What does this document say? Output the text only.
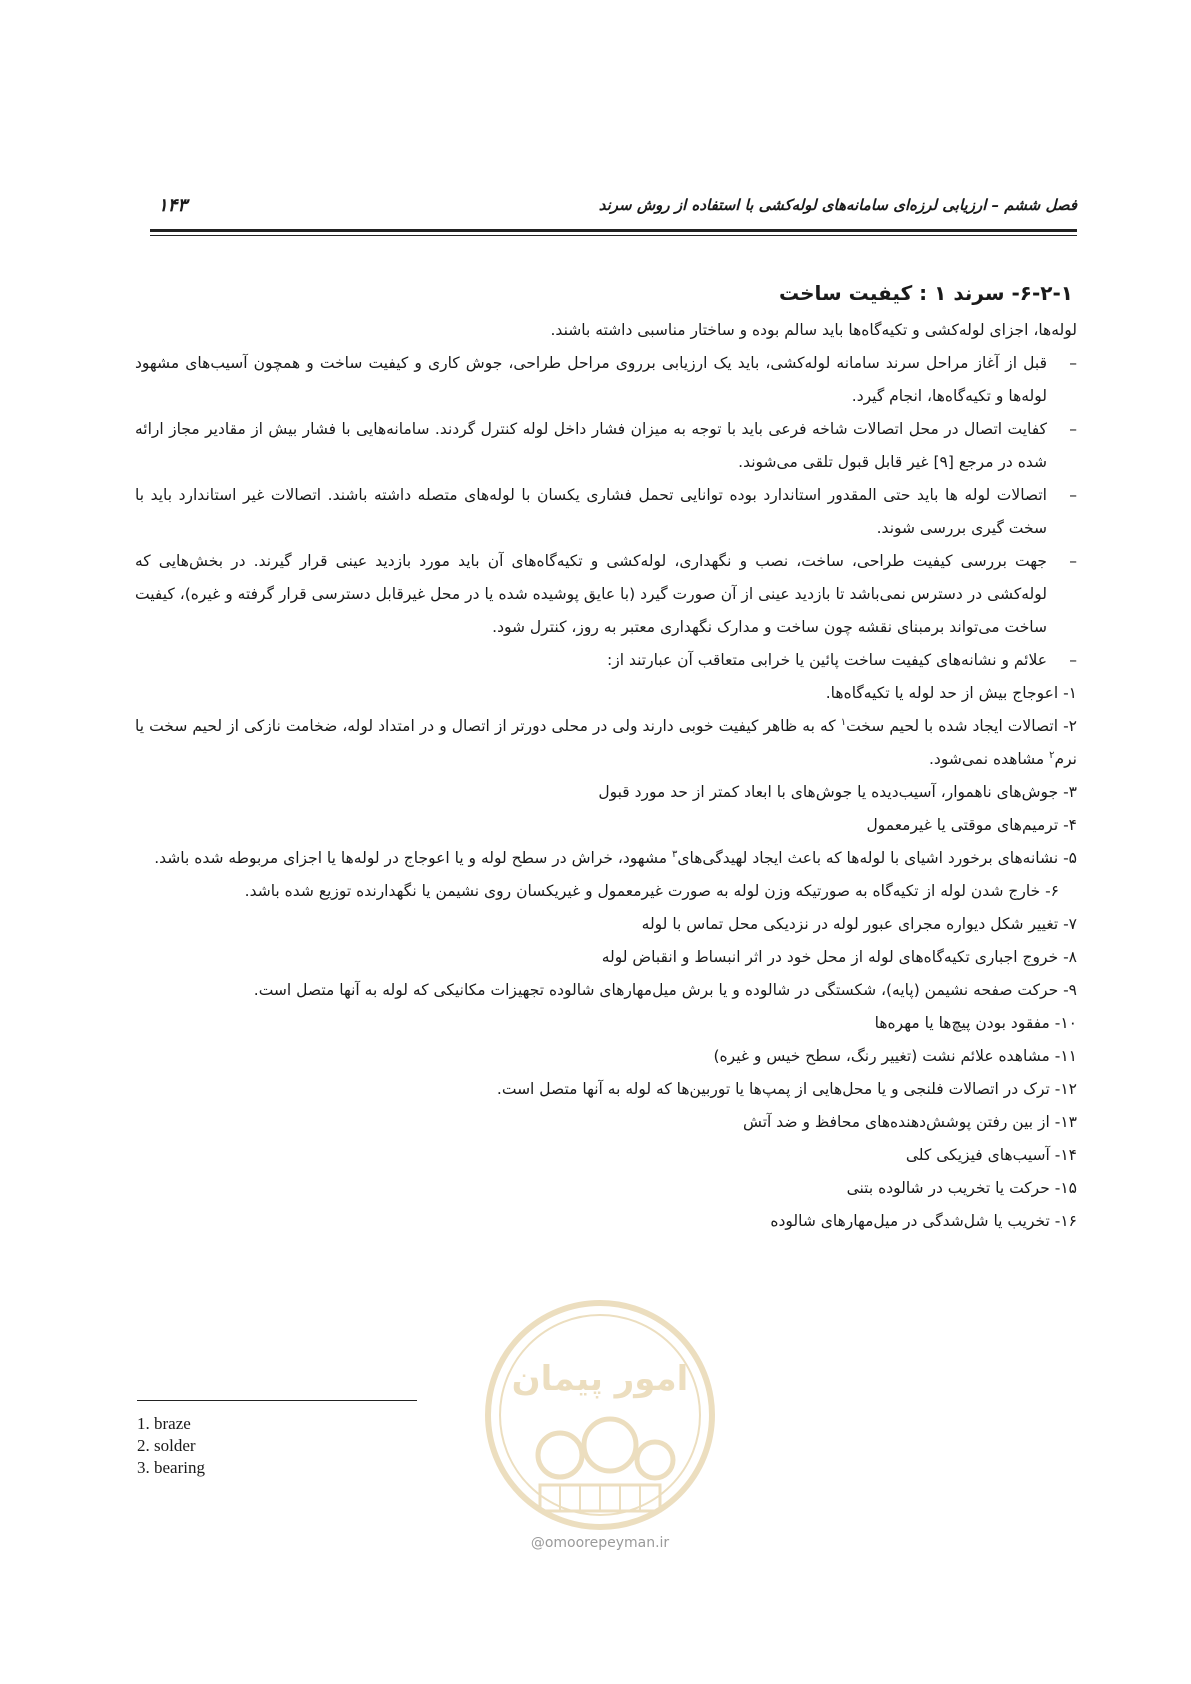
فصل ششم – ارزیابی لرزه‌ای سامانه‌های لوله‌کشی با استفاده از روش سرند
۱۴۳
۶-۲-۱- سرند ۱ : کیفیت ساخت

لوله‌ها، اجزای لوله‌کشی و تکیه‌گاه‌ها باید سالم بوده و ساختار مناسبی داشته باشند.

– قبل از آغاز مراحل سرند سامانه لوله‌کشی، باید یک ارزیابی برروی مراحل طراحی، جوش کاری و کیفیت ساخت و همچون آسیب‌های مشهود لوله‌ها و تکیه‌گاه‌ها، انجام گیرد.
– کفایت اتصال در محل اتصالات شاخه فرعی باید با توجه به میزان فشار داخل لوله کنترل گردند. سامانه‌هایی با فشار بیش از مقادیر مجاز ارائه شده در مرجع [۹] غیر قابل قبول تلقی می‌شوند.
– اتصالات لوله ها باید حتی المقدور استاندارد بوده توانایی تحمل فشاری یکسان با لوله‌های متصله داشته باشند. اتصالات غیر استاندارد باید با سخت گیری بررسی شوند.
– جهت بررسی کیفیت طراحی، ساخت، نصب و نگهداری، لوله‌کشی و تکیه‌گاه‌های آن باید مورد بازدید عینی قرار گیرند. در بخش‌هایی که لوله‌کشی در دسترس نمی‌باشد تا بازدید عینی از آن صورت گیرد (با عایق پوشیده شده یا در محل غیرقابل دسترسی قرار گرفته و غیره)، کیفیت ساخت می‌تواند برمبنای نقشه چون ساخت و مدارک نگهداری معتبر به روز، کنترل شود.
– علائم و نشانه‌های کیفیت ساخت پائین یا خرابی متعاقب آن عبارتند از:
۱- اعوجاج بیش از حد لوله یا تکیه‌گاه‌ها.
۲- اتصالات ایجاد شده با لحیم سخت$^۱$ که به ظاهر کیفیت خوبی دارند ولی در محلی دورتر از اتصال و در امتداد لوله، ضخامت نازکی از لحیم سخت یا نرم$^۲$ مشاهده نمی‌شود.
۳- جوش‌های ناهموار، آسیب‌دیده یا جوش‌های با ابعاد کمتر از حد مورد قبول
۴- ترمیم‌های موقتی یا غیرمعمول
۵- نشانه‌های برخورد اشیای با لوله‌ها که باعث ایجاد لهیدگی‌های$^۳$ مشهود، خراش در سطح لوله و یا اعوجاج در لوله‌ها یا اجزای مربوطه شده باشد.
۶- خارج شدن لوله از تکیه‌گاه به صورتیکه وزن لوله به صورت غیرمعمول و غیریکسان روی نشیمن یا نگهدارنده توزیع شده باشد.
۷- تغییر شکل دیواره مجرای عبور لوله در نزدیکی محل تماس با لوله
۸- خروج اجباری تکیه‌گاه‌های لوله از محل خود در اثر انبساط و انقباض لوله
۹- حرکت صفحه نشیمن (پایه)، شکستگی در شالوده و یا برش میل‌مهارهای شالوده تجهیزات مکانیکی که لوله به آنها متصل است.
۱۰- مفقود بودن پیچ‌ها یا مهره‌ها
۱۱- مشاهده علائم نشت (تغییر رنگ، سطح خیس و غیره)
۱۲- ترک در اتصالات فلنجی و یا محل‌هایی از پمپ‌ها یا توربین‌ها که لوله به آنها متصل است.
۱۳- از بین رفتن پوشش‌دهنده‌های محافظ و ضد آتش
۱۴- آسیب‌های فیزیکی کلی
۱۵- حرکت یا تخریب در شالوده بتنی
۱۶- تخریب یا شل‌شدگی در میل‌مهارهای شالوده
امور پیمان
@omoorepeyman.ir
1. braze
2. solder
3. bearing
